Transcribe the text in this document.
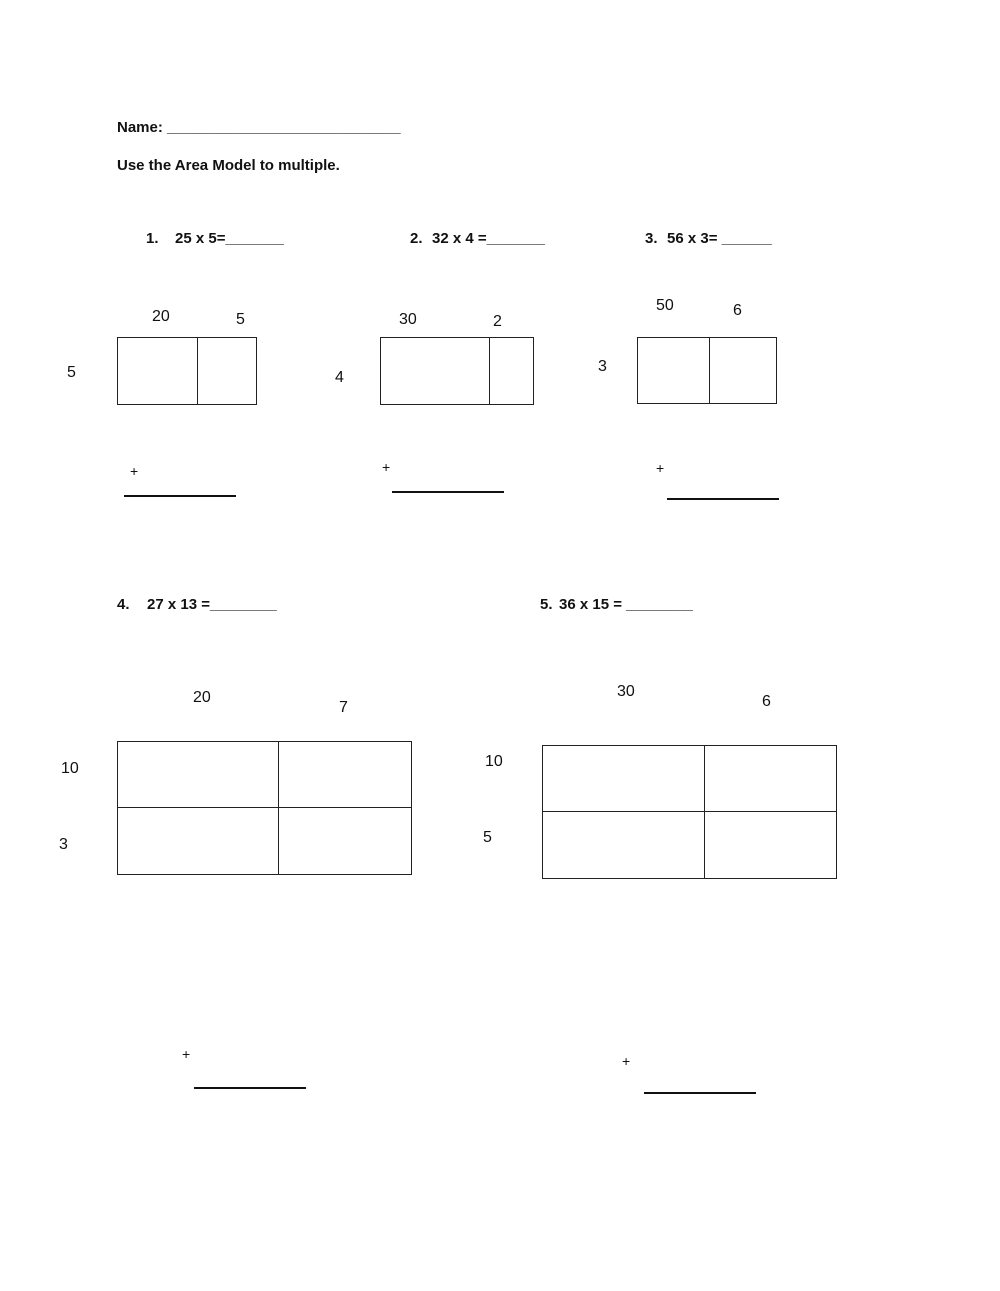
Name: ____________________________
Use the Area Model to multiple.
1. 25 x 5=_______
20	5
5
+
2. 32 x 4 =_______
30	2
4
+
3. 56 x 3= ______
50	6
3
+
4. 27 x 13 =________
20
7
10
3
+
5. 36 x 15 = ________
30
6
10
5
+
